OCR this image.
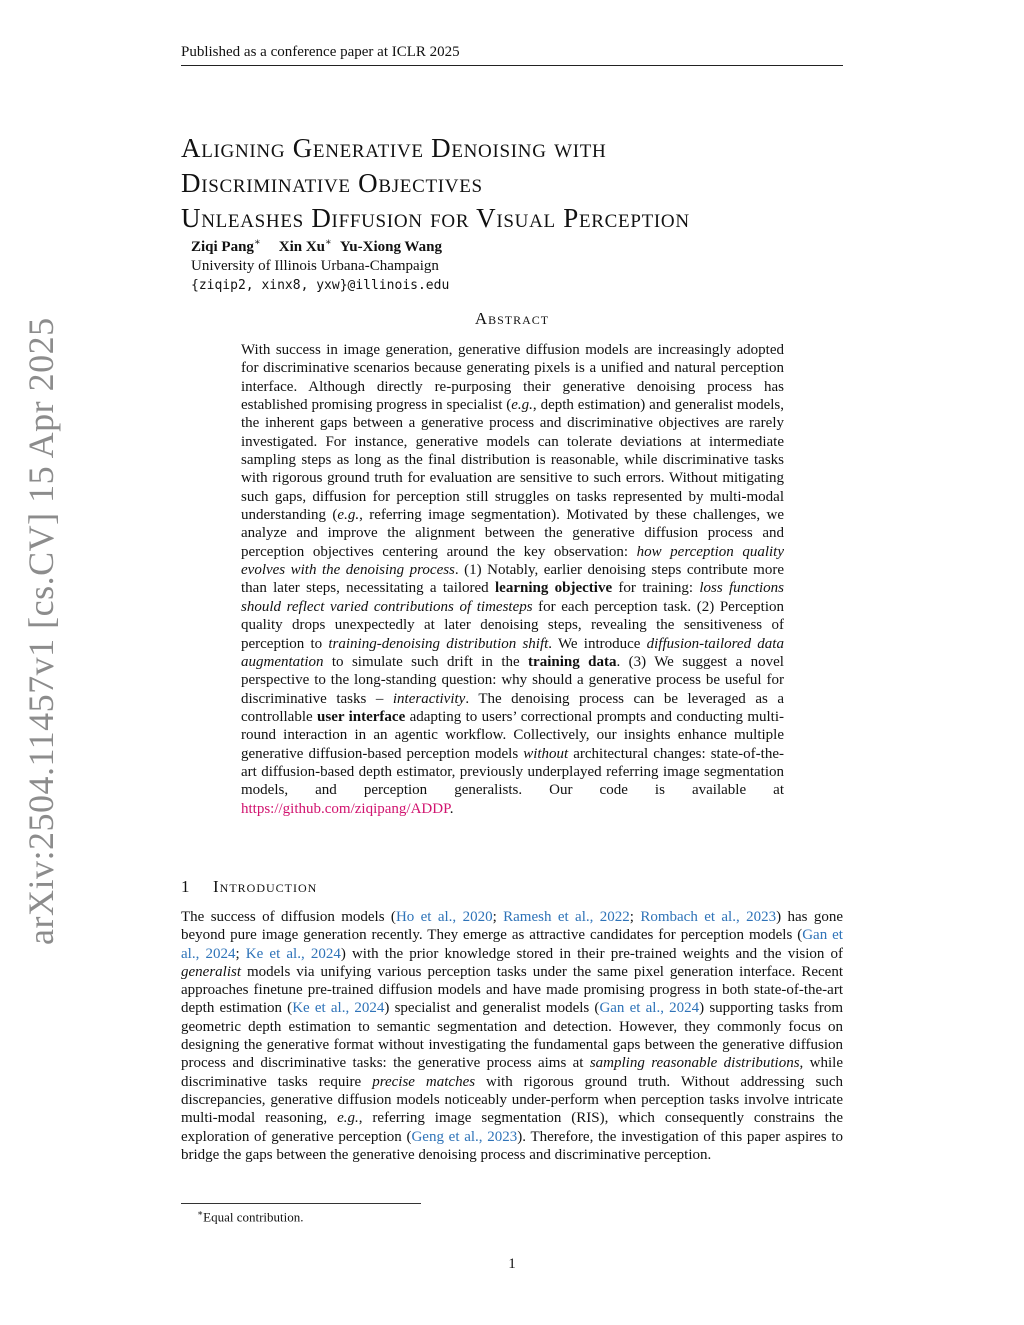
Published as a conference paper at ICLR 2025
arXiv:2504.11457v1 [cs.CV] 15 Apr 2025
Aligning Generative Denoising with
Discriminative Objectives
Unleashes Diffusion for Visual Perception
Ziqi Pang∗ Xin Xu∗ Yu-Xiong Wang
University of Illinois Urbana-Champaign
{ziqip2, xinx8, yxw}@illinois.edu
Abstract

With success in image generation, generative diffusion models are increasingly adopted for discriminative scenarios because generating pixels is a unified and natural perception interface. Although directly re-purposing their generative denoising process has established promising progress in specialist (e.g., depth estimation) and generalist models, the inherent gaps between a generative process and discriminative objectives are rarely investigated. For instance, generative models can tolerate deviations at intermediate sampling steps as long as the final distribution is reasonable, while discriminative tasks with rigorous ground truth for evaluation are sensitive to such errors. Without mitigating such gaps, diffusion for perception still struggles on tasks represented by multi-modal understanding (e.g., referring image segmentation). Motivated by these challenges, we analyze and improve the alignment between the generative diffusion process and perception objectives centering around the key observation: how perception quality evolves with the denoising process. (1) Notably, earlier denoising steps contribute more than later steps, necessitating a tailored learning objective for training: loss functions should reflect varied contributions of timesteps for each perception task. (2) Perception quality drops unexpectedly at later denoising steps, revealing the sensitiveness of perception to training-denoising distribution shift. We introduce diffusion-tailored data augmentation to simulate such drift in the training data. (3) We suggest a novel perspective to the long-standing question: why should a generative process be useful for discriminative tasks – interactivity. The denoising process can be leveraged as a controllable user interface adapting to users’ correctional prompts and conducting multi-round interaction in an agentic workflow. Collectively, our insights enhance multiple generative diffusion-based perception models without architectural changes: state-of-the-art diffusion-based depth estimator, previously underplayed referring image segmentation models, and perception generalists. Our code is available at https://github.com/ziqipang/ADDP.

1 Introduction

The success of diffusion models (Ho et al., 2020; Ramesh et al., 2022; Rombach et al., 2023) has gone beyond pure image generation recently. They emerge as attractive candidates for perception models (Gan et al., 2024; Ke et al., 2024) with the prior knowledge stored in their pre-trained weights and the vision of generalist models via unifying various perception tasks under the same pixel generation interface. Recent approaches finetune pre-trained diffusion models and have made promising progress in both state-of-the-art depth estimation (Ke et al., 2024) specialist and generalist models (Gan et al., 2024) supporting tasks from geometric depth estimation to semantic segmentation and detection. However, they commonly focus on designing the generative format without investigating the fundamental gaps between the generative diffusion process and discriminative tasks: the generative process aims at sampling reasonable distributions, while discriminative tasks require precise matches with rigorous ground truth. Without addressing such discrepancies, generative diffusion models noticeably under-perform when perception tasks involve intricate multi-modal reasoning, e.g., referring image segmentation (RIS), which consequently constrains the exploration of generative perception (Geng et al., 2023). Therefore, the investigation of this paper aspires to bridge the gaps between the generative denoising process and discriminative perception.

∗Equal contribution.
1
